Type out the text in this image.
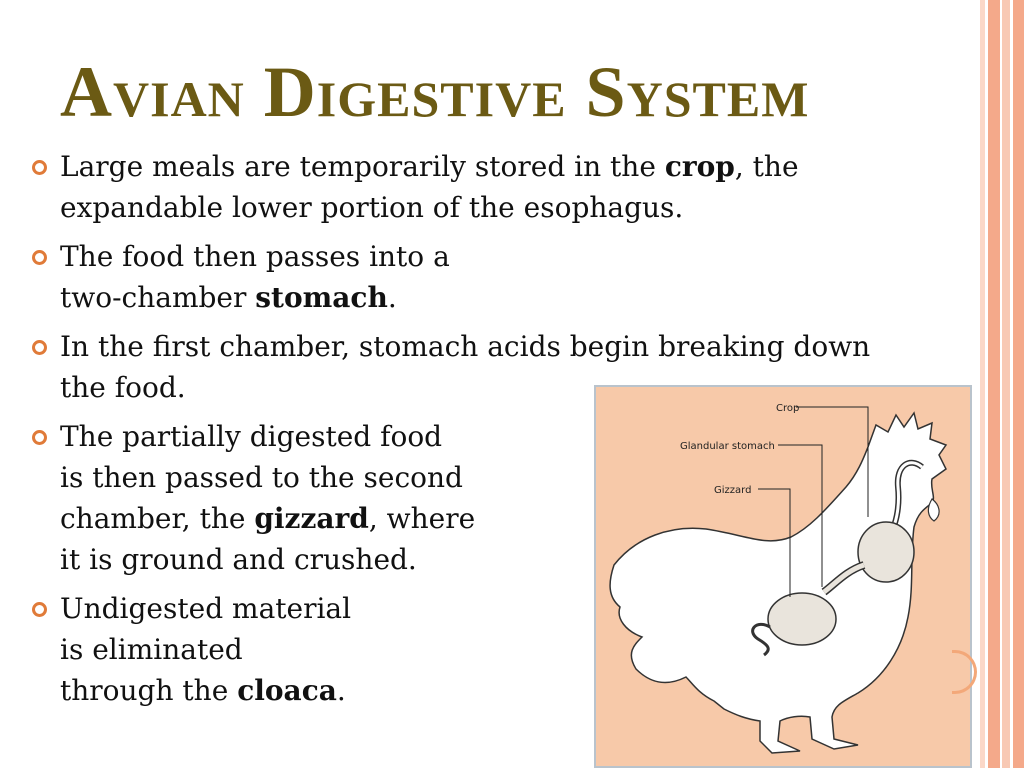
Avian Digestive System
Large meals are temporarily stored in the crop, the
expandable lower portion of the esophagus.
The food then passes into a
two-chamber stomach.
In the first chamber, stomach acids begin breaking down
the food.
The partially digested food
is then passed to the second
chamber, the gizzard, where
it is ground and crushed.
Undigested material
is eliminated
through the cloaca.
Crop
Glandular stomach
Gizzard
